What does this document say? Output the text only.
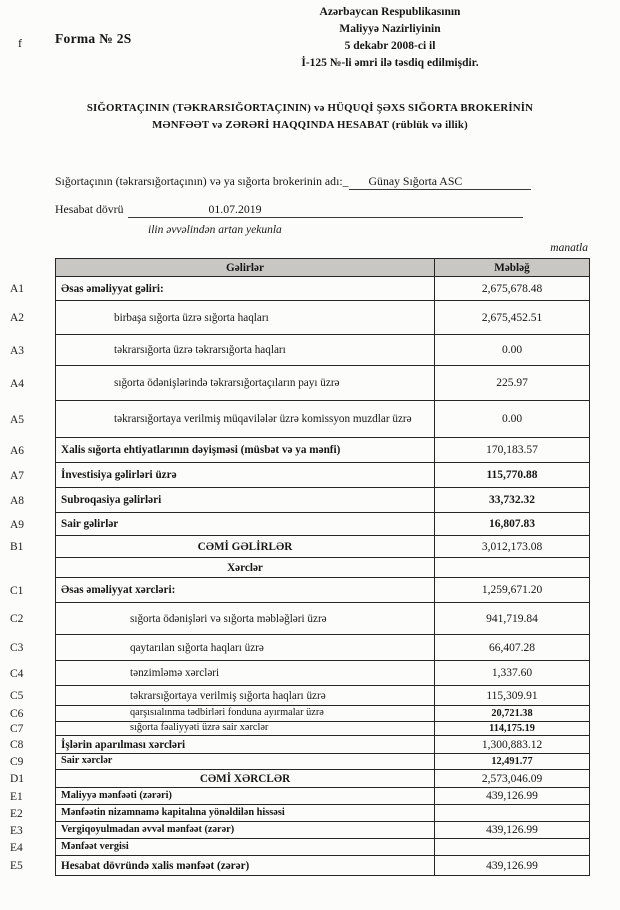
f Forma № 2S
Azərbaycan Respublikasının
Maliyyə Nazirliyinin
5 dekabr 2008-ci il
İ-125 №-li əmri ilə təsdiq edilmişdir.
SIĞORTAÇININ (TƏKRARSIĞORTAÇININ) və HÜQUQİ ŞƏXS SIĞORTA BROKERİNİN
MƏNFƏƏT və ZƏRƏRİ HAQQINDA HESABAT (rüblük və illik)
Sığortaçının (təkrarsığortaçının) və ya sığorta brokerinin adı:_	Günay Sığorta ASC
Hesabat dövrü	01.07.2019
ilin əvvəlindən artan yekunla
manatla
Gəlirlər	Məbləğ
A1	Əsas əməliyyat gəliri:	2,675,678.48
A2	birbaşa sığorta üzrə sığorta haqları	2,675,452.51
A3	təkrarsığorta üzrə təkrarsığorta haqları	0.00
A4	sığorta ödənişlərində təkrarsığortaçıların payı üzrə	225.97
A5	təkrarsığortaya verilmiş müqavilələr üzrə komissyon muzdlar üzrə	0.00
A6	Xalis sığorta ehtiyatlarının dəyişməsi (müsbət və ya mənfi)	170,183.57
A7	İnvestisiya gəlirləri üzrə	115,770.88
A8	Subroqasiya gəlirləri	33,732.32
A9	Sair gəlirlər	16,807.83
B1	CƏMİ GƏLİRLƏR	3,012,173.08
Xərclər
C1	Əsas əməliyyat xərcləri:	1,259,671.20
C2	sığorta ödənişləri və sığorta məbləğləri üzrə	941,719.84
C3	qaytarılan sığorta haqları üzrə	66,407.28
C4	tənzimləmə xərcləri	1,337.60
C5	təkrarsığortaya verilmiş sığorta haqları üzrə	115,309.91
C6	qarşısıalınma tədbirləri fonduna ayırmalar üzrə	20,721.38
C7	sığorta fəaliyyəti üzrə sair xərclər	114,175.19
C8	İşlərin aparılması xərcləri	1,300,883.12
C9	Sair xərclər	12,491.77
D1	CƏMİ XƏRCLƏR	2,573,046.09
E1	Maliyyə mənfəəti (zərəri)	439,126.99
E2	Mənfəətin nizamnamə kapitalına yönəldilən hissəsi
E3	Vergiqoyulmadan əvvəl mənfəət (zərər)	439,126.99
E4	Mənfəət vergisi
E5	Hesabat dövründə xalis mənfəət (zərər)	439,126.99
